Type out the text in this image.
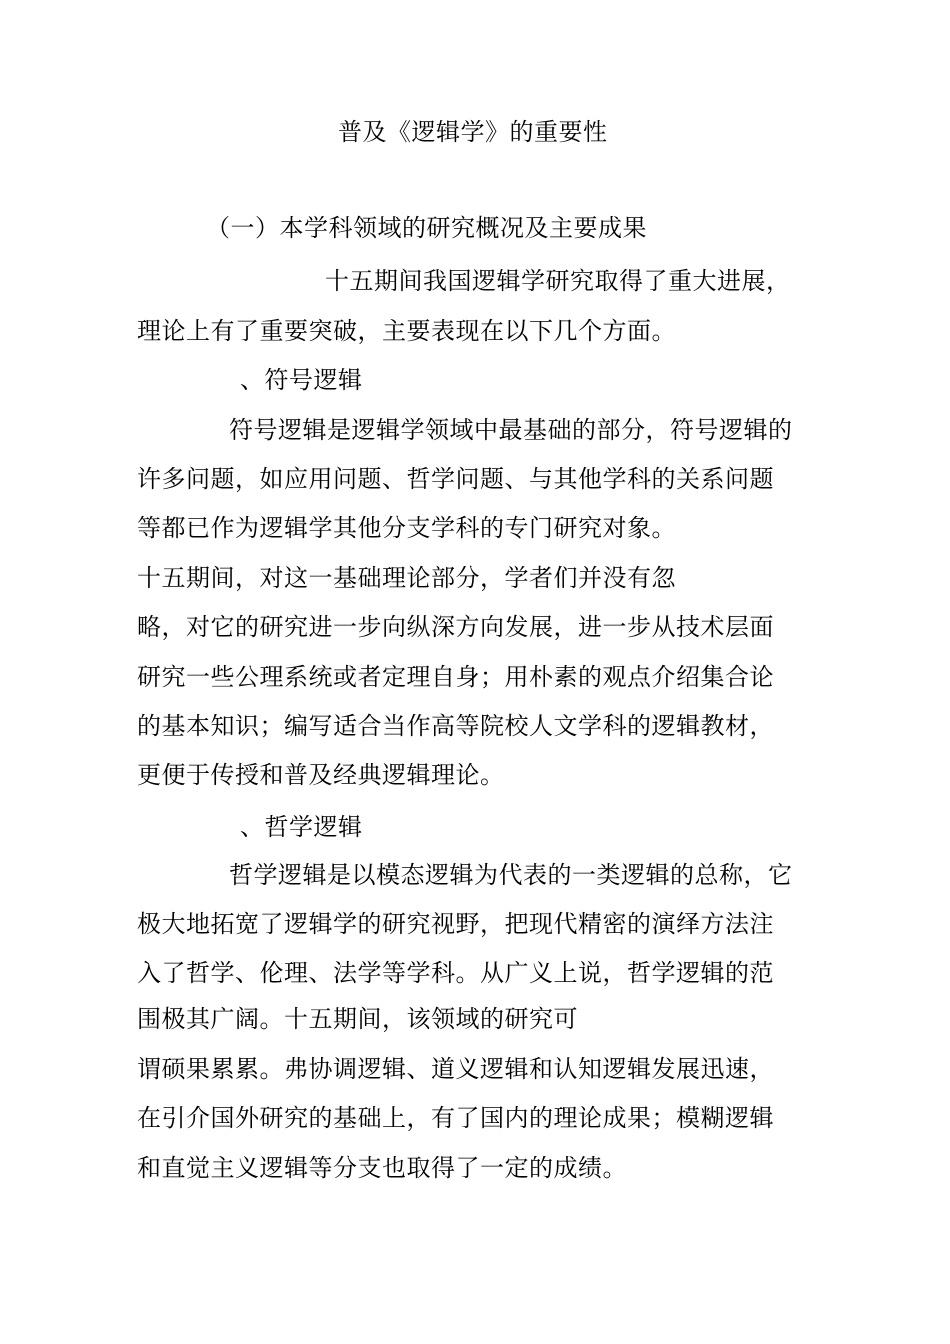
普及《逻辑学》的重要性
（一）本学科领域的研究概况及主要成果
十五期间我国逻辑学研究取得了重大进展，
理论上有了重要突破，主要表现在以下几个方面。
、符号逻辑
符号逻辑是逻辑学领域中最基础的部分，符号逻辑的
许多问题，如应用问题、哲学问题、与其他学科的关系问题
等都已作为逻辑学其他分支学科的专门研究对象。
十五期间，对这一基础理论部分，学者们并没有忽
略，对它的研究进一步向纵深方向发展，进一步从技术层面
研究一些公理系统或者定理自身；用朴素的观点介绍集合论
的基本知识；编写适合当作高等院校人文学科的逻辑教材，
更便于传授和普及经典逻辑理论。
、哲学逻辑
哲学逻辑是以模态逻辑为代表的一类逻辑的总称，它
极大地拓宽了逻辑学的研究视野，把现代精密的演绎方法注
入了哲学、伦理、法学等学科。从广义上说，哲学逻辑的范
围极其广阔。十五期间，该领域的研究可
谓硕果累累。弗协调逻辑、道义逻辑和认知逻辑发展迅速，
在引介国外研究的基础上，有了国内的理论成果；模糊逻辑
和直觉主义逻辑等分支也取得了一定的成绩。
